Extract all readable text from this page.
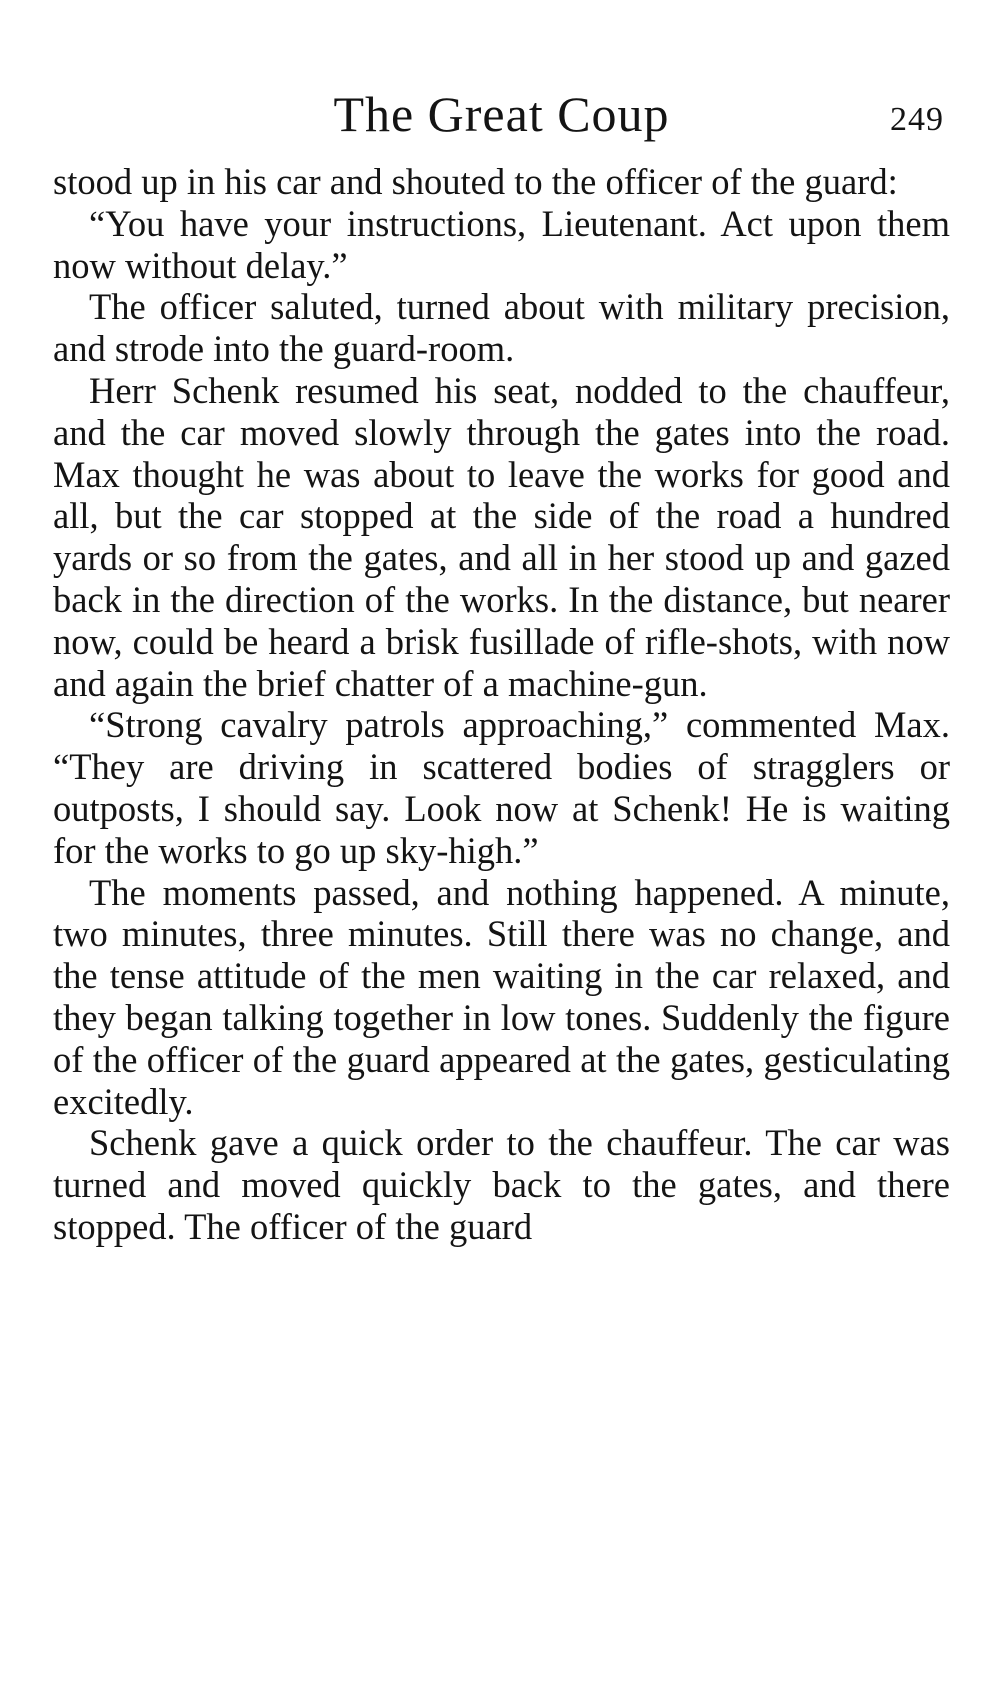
The Great Coup	249

stood up in his car and shouted to the officer of the guard:

“You have your instructions, Lieutenant. Act upon them now without delay.”

The officer saluted, turned about with military precision, and strode into the guard-room.

Herr Schenk resumed his seat, nodded to the chauffeur, and the car moved slowly through the gates into the road. Max thought he was about to leave the works for good and all, but the car stopped at the side of the road a hundred yards or so from the gates, and all in her stood up and gazed back in the direction of the works. In the distance, but nearer now, could be heard a brisk fusillade of rifle-shots, with now and again the brief chatter of a machine-gun.

“Strong cavalry patrols approaching,” commented Max. “They are driving in scattered bodies of stragglers or outposts, I should say. Look now at Schenk! He is waiting for the works to go up sky-high.”

The moments passed, and nothing happened. A minute, two minutes, three minutes. Still there was no change, and the tense attitude of the men waiting in the car relaxed, and they began talking together in low tones. Suddenly the figure of the officer of the guard appeared at the gates, gesticulating excitedly.

Schenk gave a quick order to the chauffeur. The car was turned and moved quickly back to the gates, and there stopped. The officer of the guard
